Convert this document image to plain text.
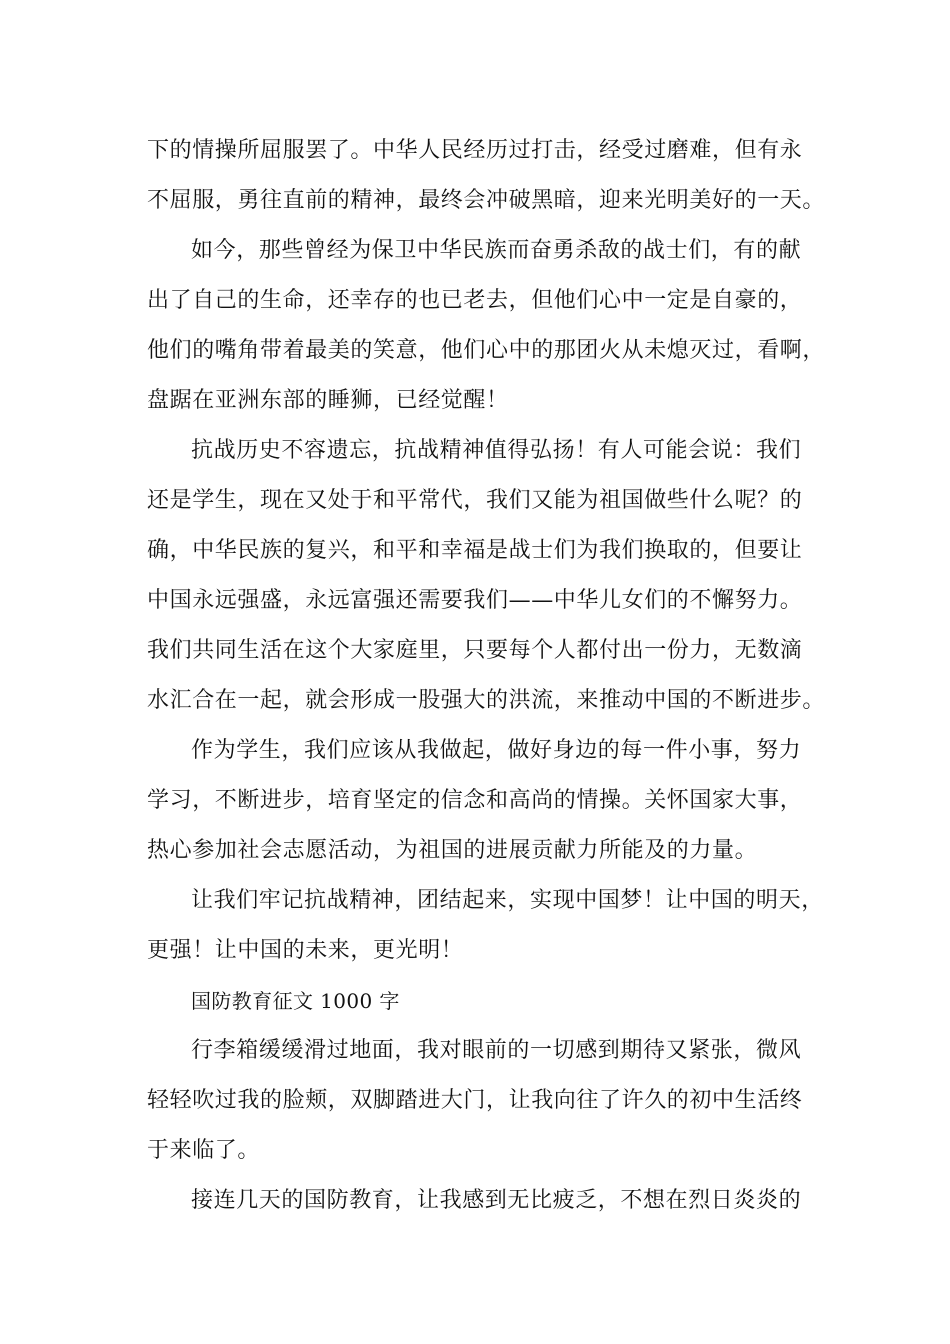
下的情操所屈服罢了。中华人民经历过打击，经受过磨难，但有永
不屈服，勇往直前的精神，最终会冲破黑暗，迎来光明美好的一天。
如今，那些曾经为保卫中华民族而奋勇杀敌的战士们，有的献
出了自己的生命，还幸存的也已老去，但他们心中一定是自豪的，
他们的嘴角带着最美的笑意，他们心中的那团火从未熄灭过，看啊，
盘踞在亚洲东部的睡狮，已经觉醒！
抗战历史不容遗忘，抗战精神值得弘扬！有人可能会说：我们
还是学生，现在又处于和平常代，我们又能为祖国做些什么呢？的
确，中华民族的复兴，和平和幸福是战士们为我们换取的，但要让
中国永远强盛，永远富强还需要我们——中华儿女们的不懈努力。
我们共同生活在这个大家庭里，只要每个人都付出一份力，无数滴
水汇合在一起，就会形成一股强大的洪流，来推动中国的不断进步。
作为学生，我们应该从我做起，做好身边的每一件小事，努力
学习，不断进步，培育坚定的信念和高尚的情操。关怀国家大事，
热心参加社会志愿活动，为祖国的进展贡献力所能及的力量。
让我们牢记抗战精神，团结起来，实现中国梦！让中国的明天，
更强！让中国的未来，更光明！
国防教育征文 1000 字
行李箱缓缓滑过地面，我对眼前的一切感到期待又紧张，微风
轻轻吹过我的脸颊，双脚踏进大门，让我向往了许久的初中生活终
于来临了。
接连几天的国防教育，让我感到无比疲乏，不想在烈日炎炎的
